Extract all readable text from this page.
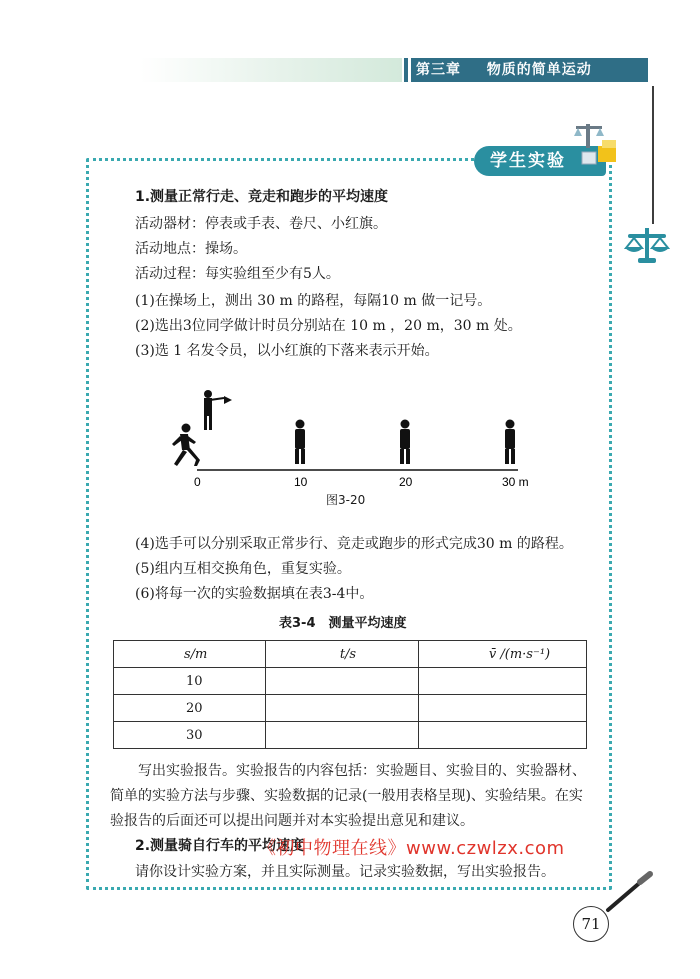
第三章 物质的简单运动
学生实验
1.测量正常行走、竞走和跑步的平均速度
活动器材：停表或手表、卷尺、小红旗。
活动地点：操场。
活动过程：每实验组至少有5人。
(1)在操场上，测出 30 m 的路程，每隔10 m 做一记号。
(2)选出3位同学做计时员分别站在 10 m ，20 m，30 m 处。
(3)选 1 名发令员，以小红旗的下落来表示开始。
0	10	20	30 m
图3-20
(4)选手可以分别采取正常步行、竞走或跑步的形式完成30 m 的路程。
(5)组内互相交换角色，重复实验。
(6)将每一次的实验数据填在表3-4中。
表3-4　测量平均速度
s/m	t/s	v̄ /(m·s⁻¹)
10		
20		
30		
写出实验报告。实验报告的内容包括：实验题目、实验目的、实验器材、简单的实验方法与步骤、实验数据的记录(一般用表格呈现)、实验结果。在实验报告的后面还可以提出问题并对本实验提出意见和建议。
2.测量骑自行车的平均速度
请你设计实验方案，并且实际测量。记录实验数据，写出实验报告。
《初中物理在线》www.czwlzx.com
71
